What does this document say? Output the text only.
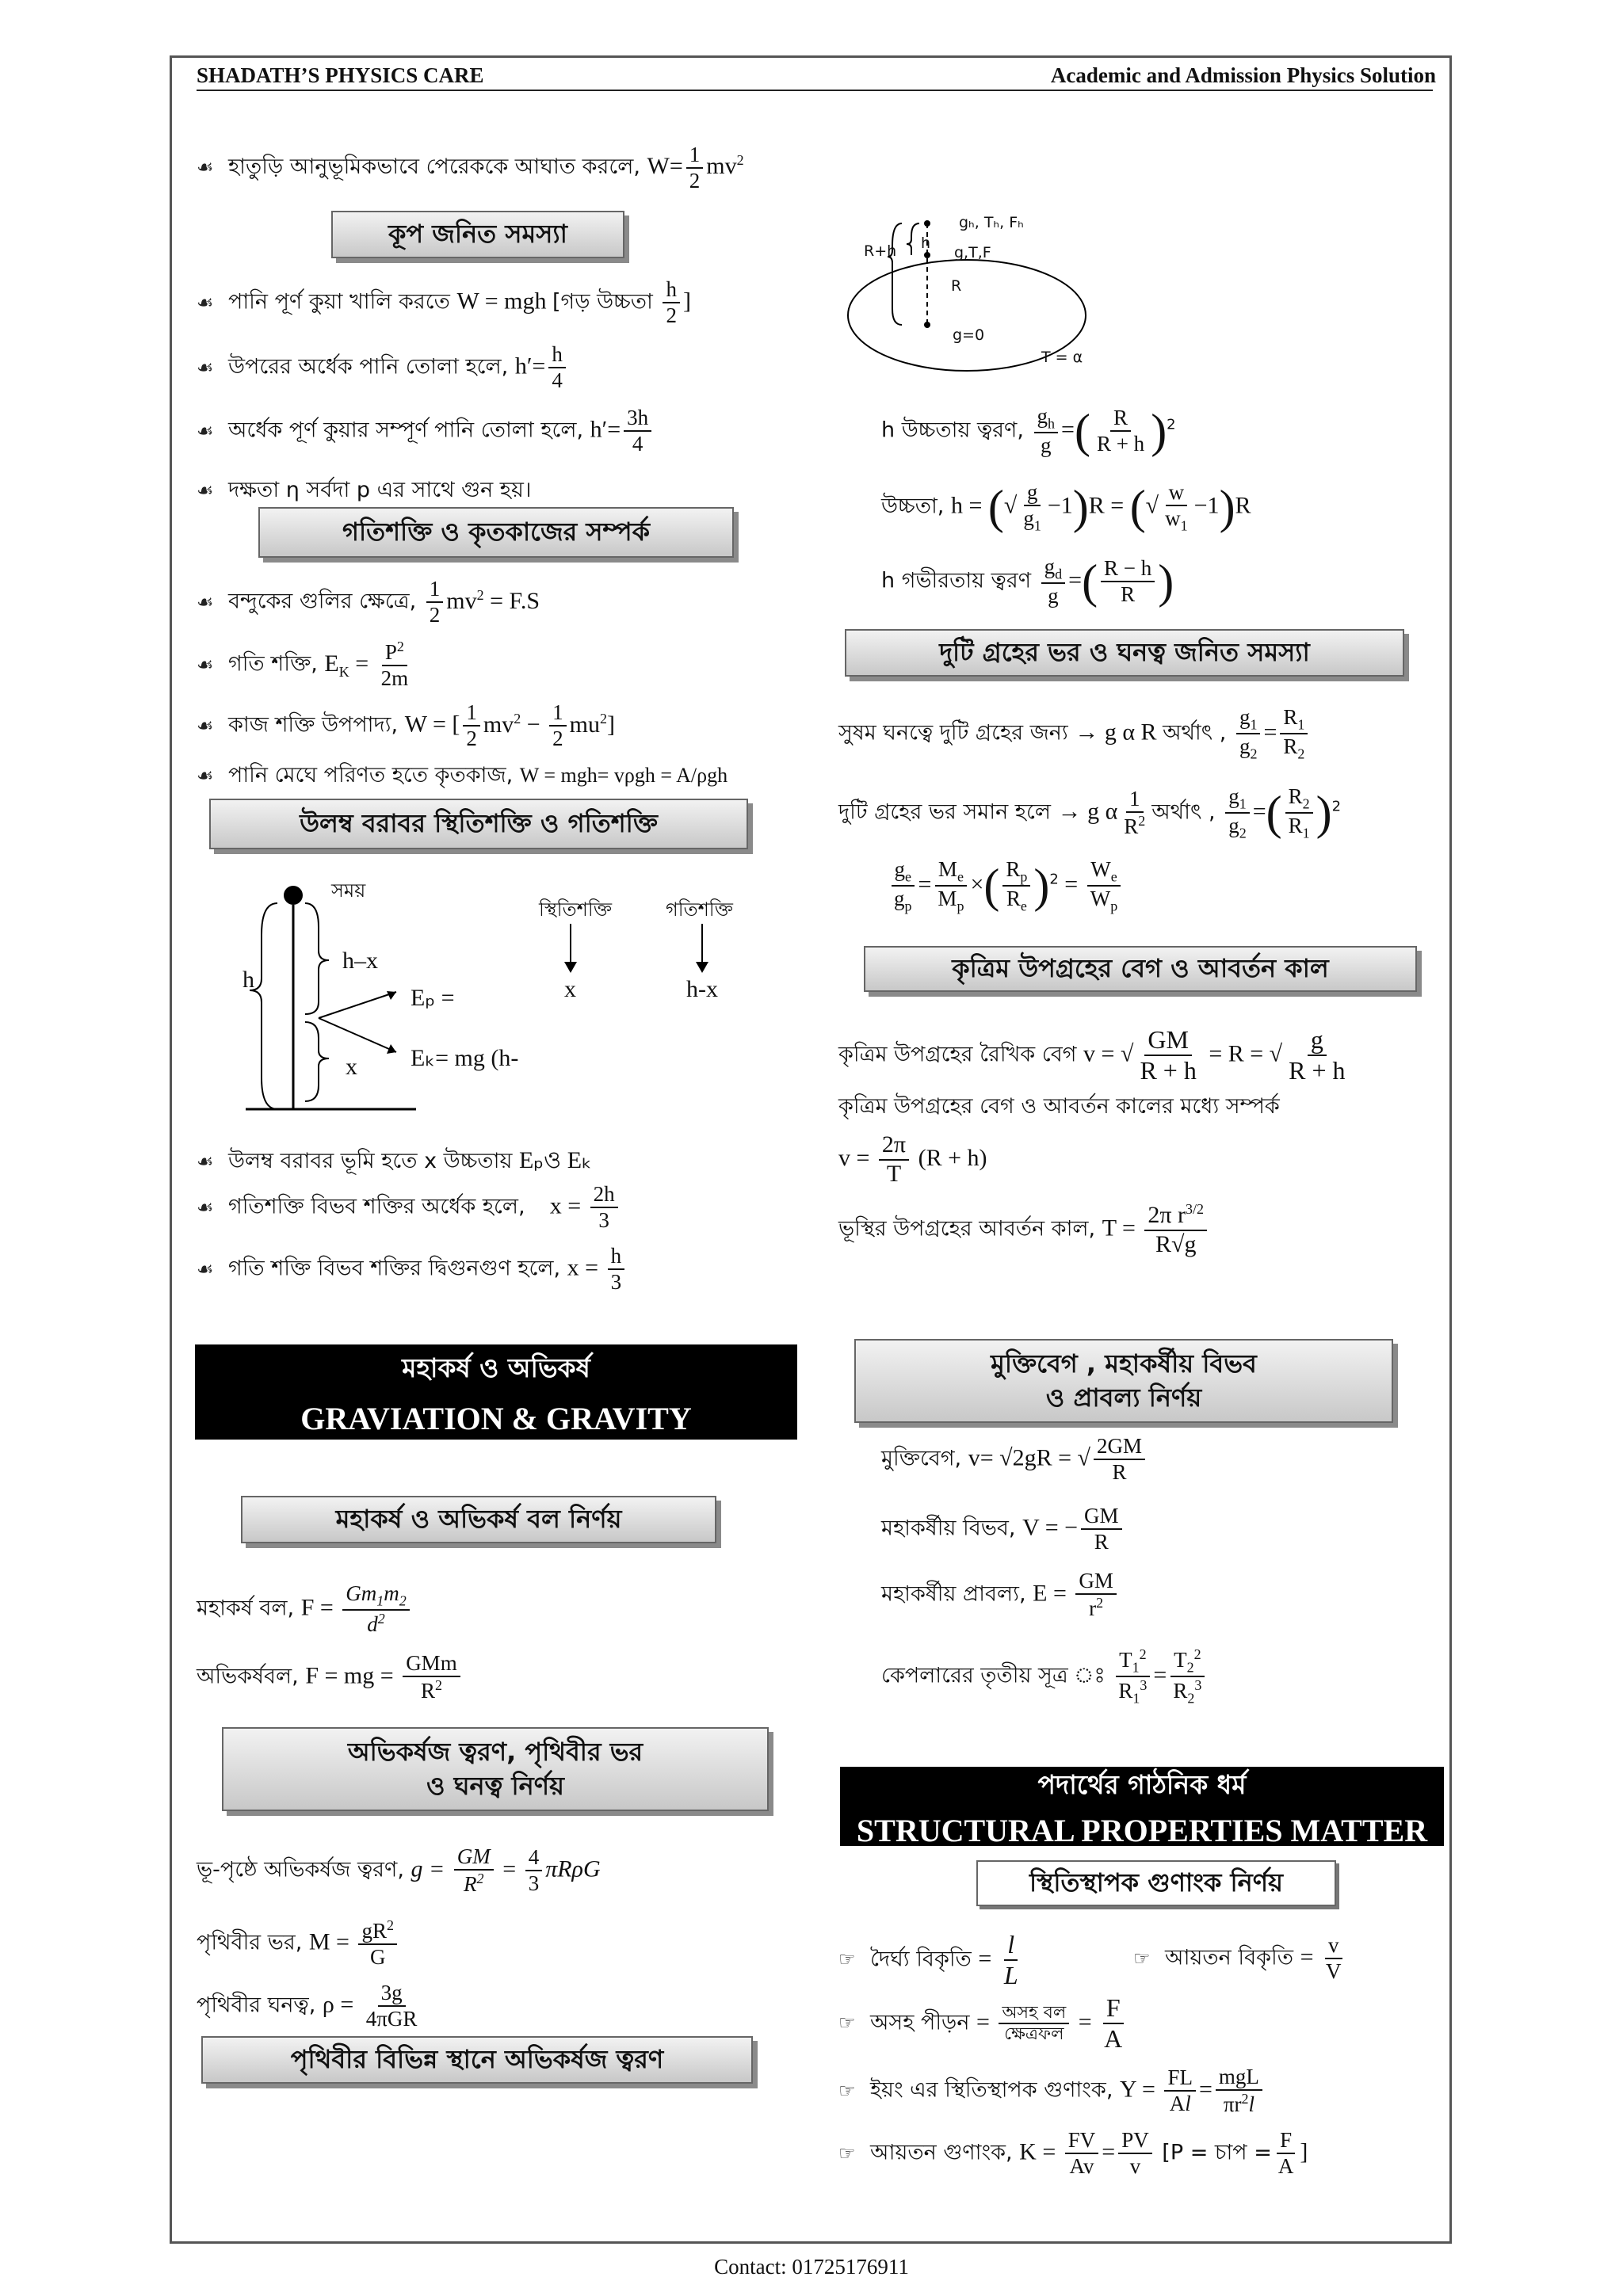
SHADATH’S PHYSICS CARE	Academic and Admission Physics Solution
☙ হাতুড়ি আনুভূমিকভাবে পেরেককে আঘাত করলে, $W= \frac{1}{2} mv^2$
কূপ জনিত সমস্যা
☙ পানি পূর্ণ কুয়া খালি করতে W = mgh [গড় উচ্চতা $\frac{h}{2}$ ]
☙ উপরের অর্ধেক পানি তোলা হলে, $h'= \frac{h}{4}$
☙ অর্ধেক পূর্ণ কুয়ার সম্পূর্ণ পানি তোলা হলে, $h'= \frac{3h}{4}$
☙ দক্ষতা η সর্বদা p এর সাথে গুন হয়।
গতিশক্তি ও কৃতকাজের সম্পর্ক
☙ বন্দুকের গুলির ক্ষেত্রে, $\frac{1}{2} mv^2 = F.S$
☙ গতি শক্তি, $E_K = \frac{P^2}{2m}$
☙ কাজ শক্তি উপপাদ্য, W = [ $\frac{1}{2} mv^2 - \frac{1}{2} mu^2$]
☙ পানি মেঘে পরিণত হতে কৃতকাজ, W = mgh= vρgh = A/ρgh
উলম্ব বরাবর স্থিতিশক্তি ও গতিশক্তি
সময়
h
h–x
x
Eₚ =
Eₖ= mg (h-
স্থিতিশক্তি	গতিশক্তি
x	h-x
☙ উলম্ব বরাবর ভূমি হতে x উচ্চতায় Eₚও Eₖ
☙ গতিশক্তি বিভব শক্তির অর্ধেক হলে,    $x = \frac{2h}{3}$
☙ গতি শক্তি বিভব শক্তির দ্বিগুনগুণ হলে, $x = \frac{h}{3}$
মহাকর্ষ ও অভিকর্ষ
GRAVIATION & GRAVITY
মহাকর্ষ ও অভিকর্ষ বল নির্ণয়
মহাকর্ষ বল, $F = \frac{Gm_1m_2}{d^2}$
অভিকর্ষবল, F = mg = $\frac{\text{GMm}}{R^2}$
অভিকর্ষজ ত্বরণ, পৃথিবীর ভর
ও ঘনত্ব নির্ণয়
ভূ-পৃষ্ঠে অভিকর্ষজ ত্বরণ, $g = \frac{GM}{R^2} = \frac{4}{3}$ πRρG
পৃথিবীর ভর, $M = \frac{gR^2}{G}$
পৃথিবীর ঘনত্ব, $\rho = \frac{3g}{\text{4πGR}}$
পৃথিবীর বিভিন্ন স্থানে অভিকর্ষজ ত্বরণ
gₕ, Tₕ, Fₕ
R+h h
g,T,F
R
g=0
T = α
h উচ্চতায় ত্বরণ, $\frac{g_h}{g}$ =( $\frac{R}{R + h} )^2$
উচ্চতা, h = (√ $\frac{g}{g_1} -1)R$ = (√ $\frac{w}{w_1} -1)R$
h গভীরতায় ত্বরণ $\frac{g_d}{g}$ =( $\frac{R - h}{R}$ )
দুটি গ্রহের ভর ও ঘনত্ব জনিত সমস্যা
সুষম ঘনত্বে দুটি গ্রহের জন্য → g α R অর্থাৎ , $\frac{g_1}{g_2} = \frac{R_1}{R_2}$
দুটি গ্রহের ভর সমান হলে → g α $\frac{1}{R^2}$ অর্থাৎ , $\frac{g_1}{g_2}$ =( $\frac{R_2}{R_1} )^2$
$\frac{g_e}{g_p} = \frac{M_e}{M_p}$ ×( $\frac{R_p}{R_e} )^2 = \frac{W_e}{W_p}$
কৃত্রিম উপগ্রহের বেগ ও আবর্তন কাল
কৃত্রিম উপগ্রহের রৈখিক বেগ v = √ $\frac{GM}{R + h} = R$ = √ $\frac{g}{R + h}$
কৃত্রিম উপগ্রহের বেগ ও আবর্তন কালের মধ্যে সম্পর্ক
$v = \frac{2\pi}{T} (R + h)$
ভূস্থির উপগ্রহের আবর্তন কাল, $T = \frac{2\pi r^{3/2}}{R√g}$
মুক্তিবেগ , মহাকর্ষীয় বিভব
ও প্রাবল্য নির্ণয়
মুক্তিবেগ, v= √2gR = √ $\frac{2GM}{R}$
মহাকর্ষীয় বিভব, V = − $\frac{GM}{R}$
মহাকর্ষীয় প্রাবল্য, $E = \frac{GM}{r^2}$
কেপলারের তৃতীয় সূত্র ঃ $\frac{T_1^2}{R_1^3} = \frac{T_2^2}{R_2^3}$
পদার্থের গাঠনিক ধর্ম
STRUCTURAL PROPERTIES MATTER
স্থিতিস্থাপক গুণাংক নির্ণয়
☞ দৈর্ঘ্য বিকৃতি = $\frac{l}{L}$	☞ আয়তন বিকৃতি = $\frac{v}{V}$
☞ অসহ পীড়ন = $\frac{\text{অসহ বল}}{\text{ক্ষেত্রফল}} = \frac{F}{A}$
☞ ইয়ং এর স্থিতিস্থাপক গুণাংক, $Y = \frac{FL}{Al} = \frac{\text{mgL}}{\pi r^2l}$
☞ আয়তন গুণাংক, $K = \frac{FV}{Av} = \frac{PV}{v} [P$ = চাপ = $\frac{F}{A}$ ]
Contact: 01725176911
